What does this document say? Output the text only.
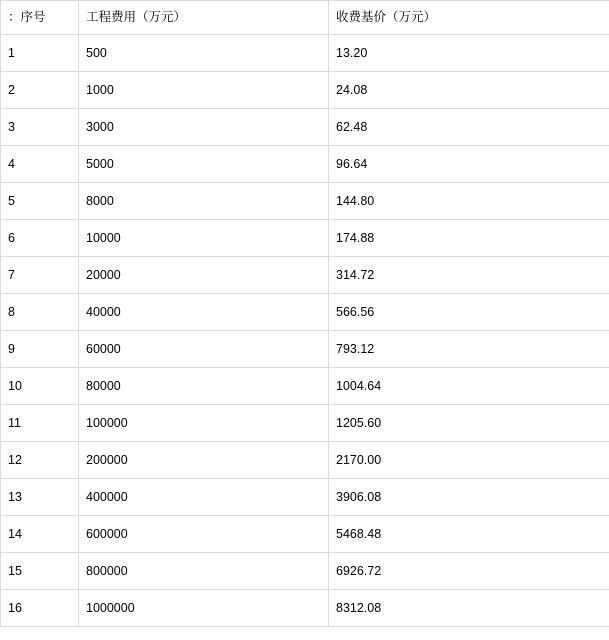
：序号	工程费用（万元）	收费基价（万元）
1	500	13.20
2	1000	24.08
3	3000	62.48
4	5000	96.64
5	8000	144.80
6	10000	174.88
7	20000	314.72
8	40000	566.56
9	60000	793.12
10	80000	1004.64
11	100000	1205.60
12	200000	2170.00
13	400000	3906.08
14	600000	5468.48
15	800000	6926.72
16	1000000	8312.08
